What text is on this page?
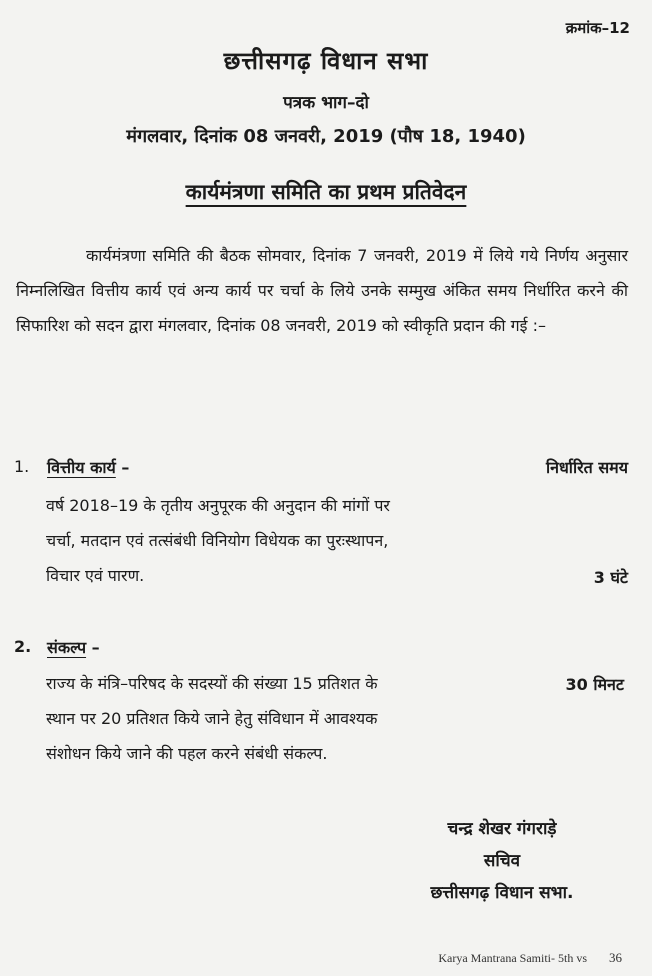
क्रमांक–12
छत्तीसगढ़ विधान सभा
पत्रक भाग–दो
मंगलवार, दिनांक 08 जनवरी, 2019 (पौष 18, 1940)
कार्यमंत्रणा समिति का प्रथम प्रतिवेदन
कार्यमंत्रणा समिति की बैठक सोमवार, दिनांक 7 जनवरी, 2019 में लिये गये निर्णय अनुसार निम्नलिखित वित्तीय कार्य एवं अन्य कार्य पर चर्चा के लिये उनके सम्मुख अंकित समय निर्धारित करने की सिफारिश को सदन द्वारा मंगलवार, दिनांक 08 जनवरी, 2019 को स्वीकृति प्रदान की गई :–
1. वित्तीय कार्य –	निर्धारित समय
वर्ष 2018–19 के तृतीय अनुपूरक की अनुदान की मांगों पर
चर्चा, मतदान एवं तत्संबंधी विनियोग विधेयक का पुरःस्थापन,
विचार एवं पारण.	3 घंटे
2. संकल्प –
राज्य के मंत्रि–परिषद के सदस्यों की संख्या 15 प्रतिशत के
स्थान पर 20 प्रतिशत किये जाने हेतु संविधान में आवश्यक
संशोधन किये जाने की पहल करने संबंधी संकल्प.
30 मिनट
चन्द्र शेखर गंगराड़े
सचिव
छत्तीसगढ़ विधान सभा.
Karya Mantrana Samiti- 5th vs 36
